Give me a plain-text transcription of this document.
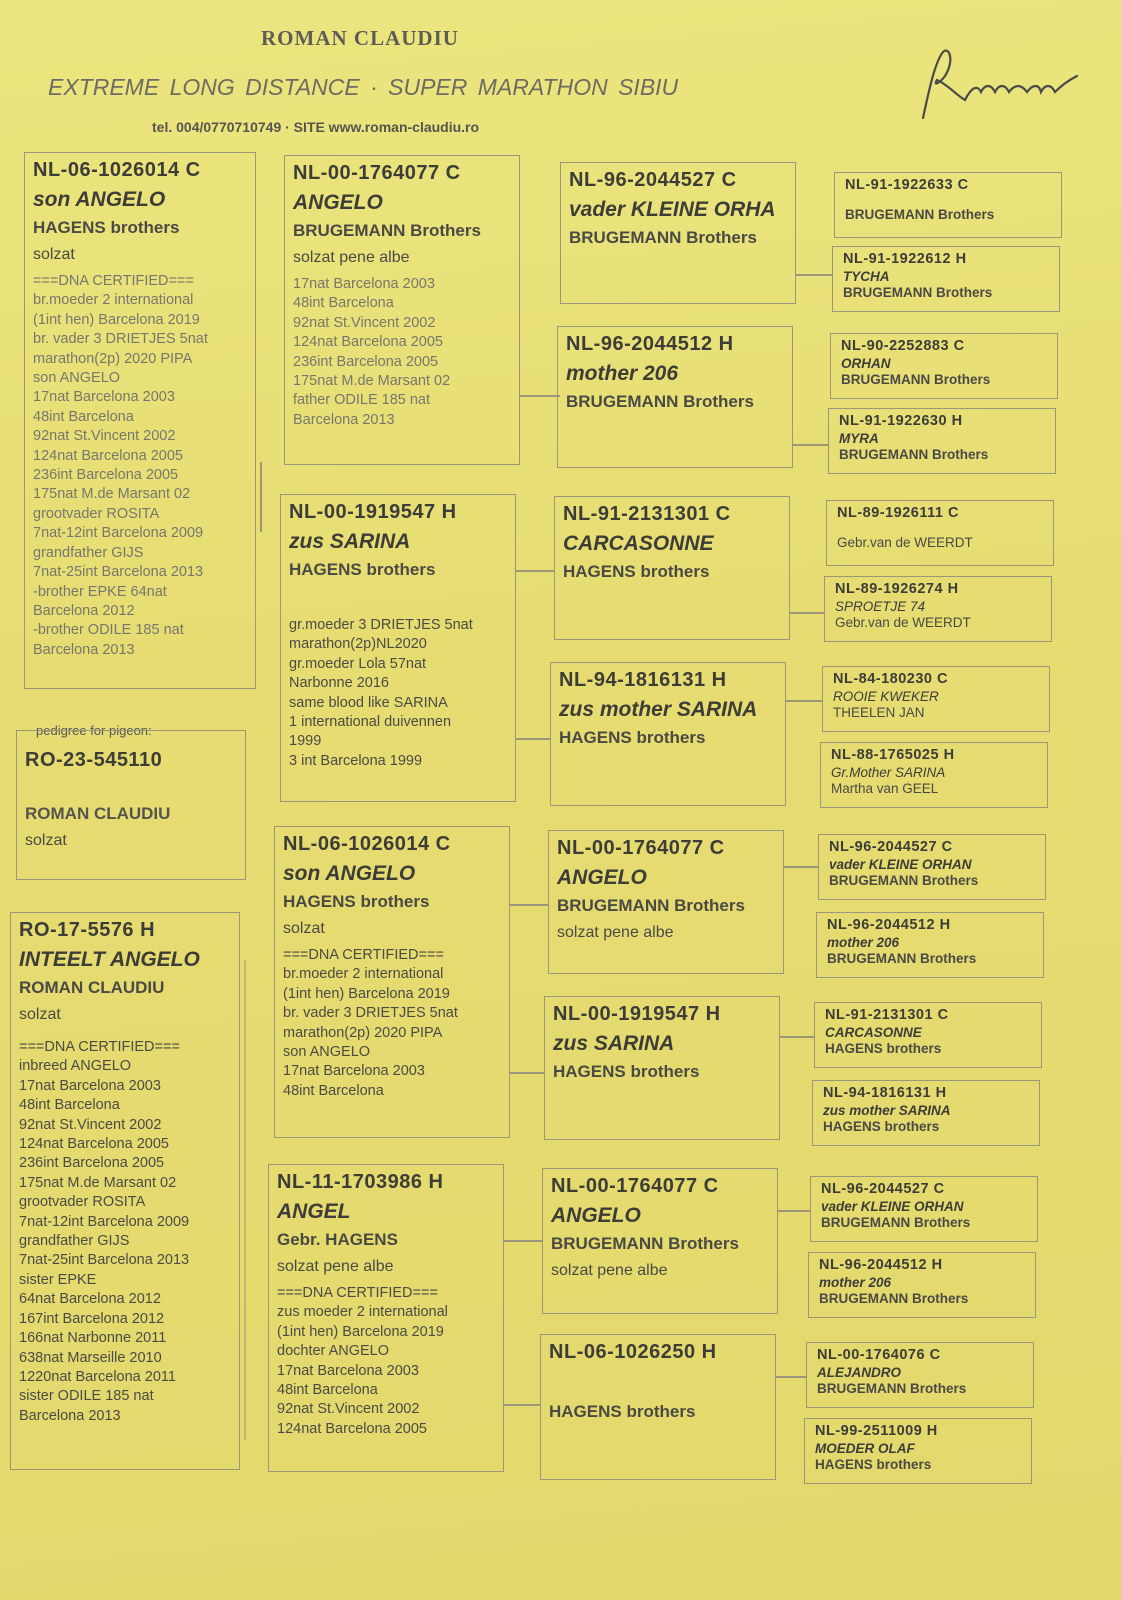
ROMAN CLAUDIU
EXTREME LONG DISTANCE · SUPER MARATHON SIBIU
tel. 004/0770710749 · SITE www.roman-claudiu.ro
NL-06-1026014 C
son ANGELO
HAGENS brothers
solzat
===DNA CERTIFIED===
br.moeder 2 international
(1int hen) Barcelona 2019
br. vader 3 DRIETJES 5nat
marathon(2p) 2020 PIPA
son ANGELO
17nat Barcelona 2003
48int Barcelona
92nat St.Vincent 2002
124nat Barcelona 2005
236int Barcelona 2005
175nat M.de Marsant 02
grootvader ROSITA
7nat-12int Barcelona 2009
grandfather GIJS
7nat-25int Barcelona 2013
-brother EPKE 64nat
Barcelona 2012
-brother ODILE 185 nat
Barcelona 2013
pedigree for pigeon:
RO-23-545110
ROMAN CLAUDIU
solzat
RO-17-5576 H
INTEELT ANGELO
ROMAN CLAUDIU
solzat
===DNA CERTIFIED===
inbreed ANGELO
17nat Barcelona 2003
48int Barcelona
92nat St.Vincent 2002
124nat Barcelona 2005
236int Barcelona 2005
175nat M.de Marsant 02
grootvader ROSITA
7nat-12int Barcelona 2009
grandfather GIJS
7nat-25int Barcelona 2013
sister EPKE
64nat Barcelona 2012
167int Barcelona 2012
166nat Narbonne 2011
638nat Marseille 2010
1220nat Barcelona 2011
sister ODILE 185 nat
Barcelona 2013
NL-00-1764077 C
ANGELO
BRUGEMANN Brothers
solzat pene albe
17nat Barcelona 2003
48int Barcelona
92nat St.Vincent 2002
124nat Barcelona 2005
236int Barcelona 2005
175nat M.de Marsant 02
father ODILE 185 nat
Barcelona 2013
NL-00-1919547 H
zus SARINA
HAGENS brothers
gr.moeder 3 DRIETJES 5nat
marathon(2p)NL2020
gr.moeder Lola 57nat
Narbonne 2016
same blood like SARINA
1 international duivennen
1999
3 int Barcelona 1999
NL-06-1026014 C
son ANGELO
HAGENS brothers
solzat
===DNA CERTIFIED===
br.moeder 2 international
(1int hen) Barcelona 2019
br. vader 3 DRIETJES 5nat
marathon(2p) 2020 PIPA
son ANGELO
17nat Barcelona 2003
48int Barcelona
NL-11-1703986 H
ANGEL
Gebr. HAGENS
solzat pene albe
===DNA CERTIFIED===
zus moeder 2 international
(1int hen) Barcelona 2019
dochter ANGELO
17nat Barcelona 2003
48int Barcelona
92nat St.Vincent 2002
124nat Barcelona 2005
NL-96-2044527 C
vader KLEINE ORHA
BRUGEMANN Brothers
NL-96-2044512 H
mother 206
BRUGEMANN Brothers
NL-91-2131301 C
CARCASONNE
HAGENS brothers
NL-94-1816131 H
zus mother SARINA
HAGENS brothers
NL-00-1764077 C
ANGELO
BRUGEMANN Brothers
solzat pene albe
NL-00-1919547 H
zus SARINA
HAGENS brothers
NL-00-1764077 C
ANGELO
BRUGEMANN Brothers
solzat pene albe
NL-06-1026250 H
HAGENS brothers
NL-91-1922633 C
BRUGEMANN Brothers
NL-91-1922612 H
TYCHA
BRUGEMANN Brothers
NL-90-2252883 C
ORHAN
BRUGEMANN Brothers
NL-91-1922630 H
MYRA
BRUGEMANN Brothers
NL-89-1926111 C
Gebr.van de WEERDT
NL-89-1926274 H
SPROETJE 74
Gebr.van de WEERDT
NL-84-180230 C
ROOIE KWEKER
THEELEN JAN
NL-88-1765025 H
Gr.Mother SARINA
Martha van GEEL
NL-96-2044527 C
vader KLEINE ORHAN
BRUGEMANN Brothers
NL-96-2044512 H
mother 206
BRUGEMANN Brothers
NL-91-2131301 C
CARCASONNE
HAGENS brothers
NL-94-1816131 H
zus mother SARINA
HAGENS brothers
NL-96-2044527 C
vader KLEINE ORHAN
BRUGEMANN Brothers
NL-96-2044512 H
mother 206
BRUGEMANN Brothers
NL-00-1764076 C
ALEJANDRO
BRUGEMANN Brothers
NL-99-2511009 H
MOEDER OLAF
HAGENS brothers
